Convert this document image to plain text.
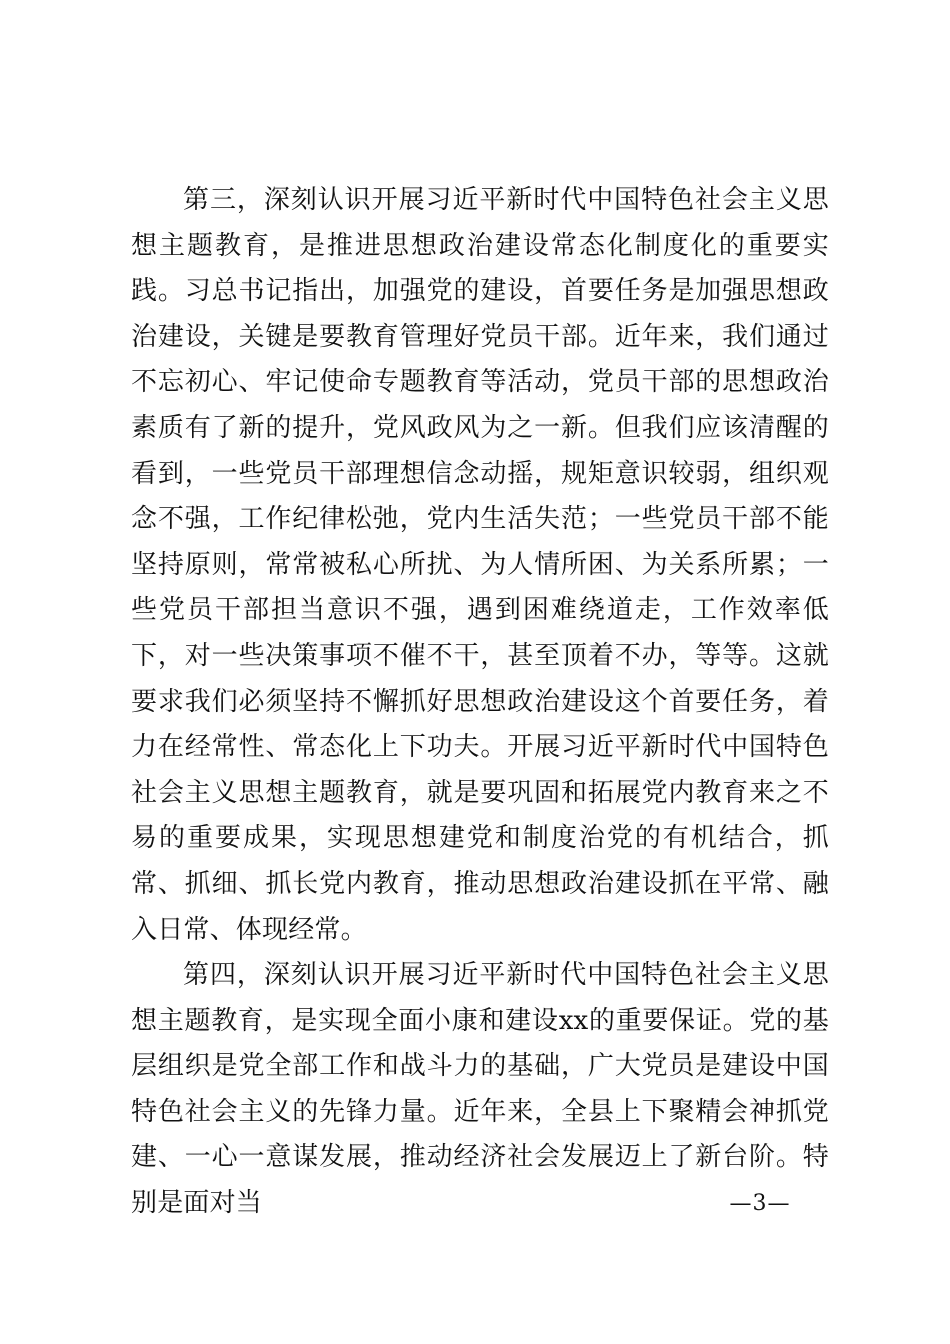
第三，深刻认识开展习近平新时代中国特色社会主义思想主题教育，是推进思想政治建设常态化制度化的重要实践。习总书记指出，加强党的建设，首要任务是加强思想政治建设，关键是要教育管理好党员干部。近年来，我们通过不忘初心、牢记使命专题教育等活动，党员干部的思想政治素质有了新的提升，党风政风为之一新。但我们应该清醒的看到，一些党员干部理想信念动摇，规矩意识较弱，组织观念不强，工作纪律松弛，党内生活失范；一些党员干部不能坚持原则，常常被私心所扰、为人情所困、为关系所累；一些党员干部担当意识不强，遇到困难绕道走，工作效率低下，对一些决策事项不催不干，甚至顶着不办，等等。这就要求我们必须坚持不懈抓好思想政治建设这个首要任务，着力在经常性、常态化上下功夫。开展习近平新时代中国特色社会主义思想主题教育，就是要巩固和拓展党内教育来之不易的重要成果，实现思想建党和制度治党的有机结合，抓常、抓细、抓长党内教育，推动思想政治建设抓在平常、融入日常、体现经常。

第四，深刻认识开展习近平新时代中国特色社会主义思想主题教育，是实现全面小康和建设xx的重要保证。党的基层组织是党全部工作和战斗力的基础，广大党员是建设中国特色社会主义的先锋力量。近年来，全县上下聚精会神抓党建、一心一意谋发展，推动经济社会发展迈上了新台阶。特别是面对当	—3—
